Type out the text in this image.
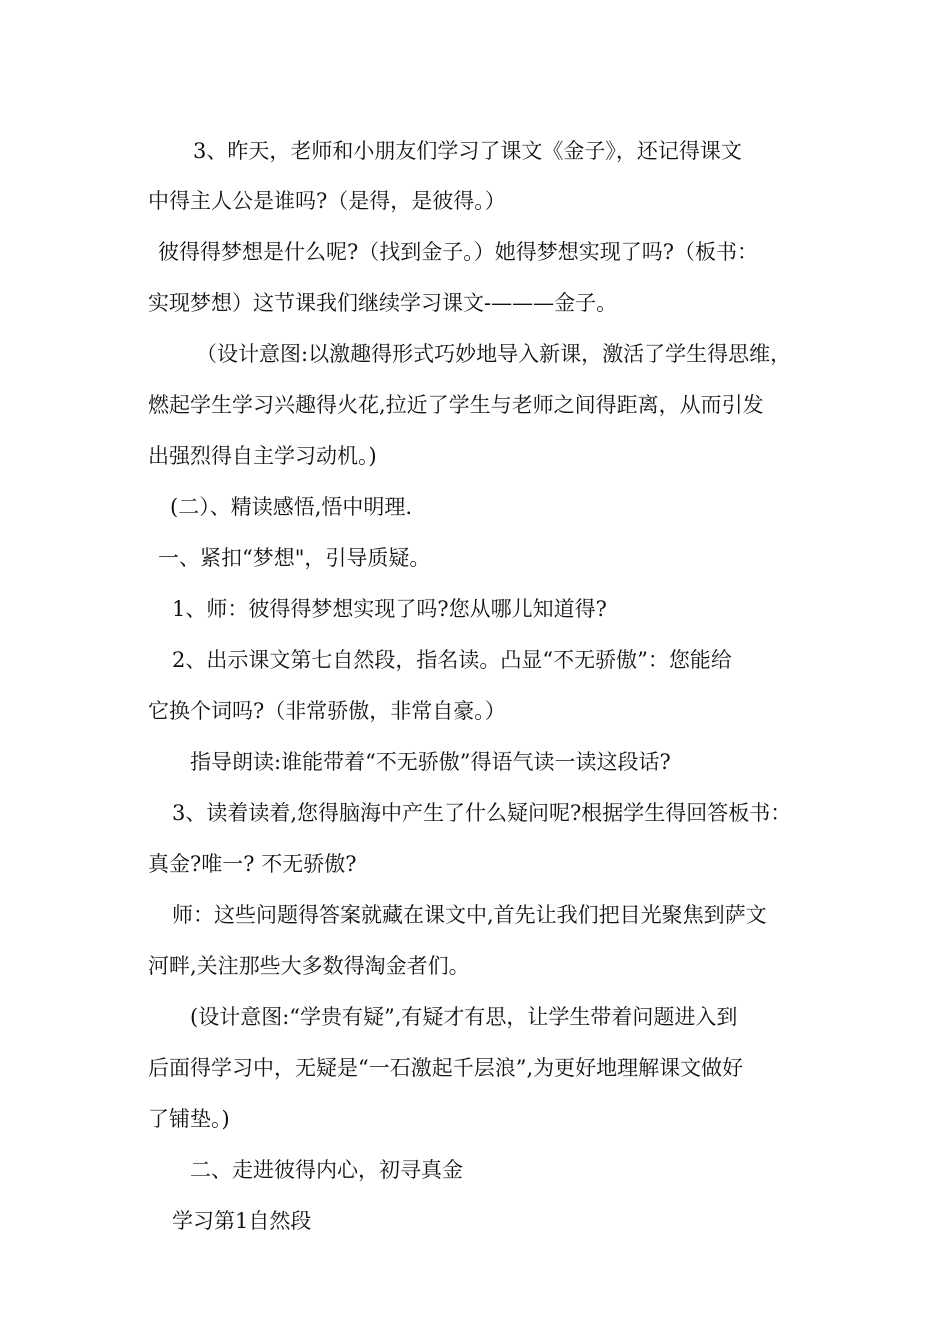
3、昨天，老师和小朋友们学习了课文《金子》，还记得课文
中得主人公是谁吗?（是得，是彼得。）
彼得得梦想是什么呢?（找到金子。）她得梦想实现了吗?（板书：
实现梦想）这节课我们继续学习课文-———金子。
（设计意图:以激趣得形式巧妙地导入新课，激活了学生得思维，
燃起学生学习兴趣得火花,拉近了学生与老师之间得距离，从而引发
出强烈得自主学习动机。)
(二）、精读感悟,悟中明理.
一、紧扣“梦想"，引导质疑。
1、师：彼得得梦想实现了吗?您从哪儿知道得?
2、出示课文第七自然段，指名读。凸显“不无骄傲”：您能给
它换个词吗?（非常骄傲，非常自豪。）
指导朗读:谁能带着“不无骄傲”得语气读一读这段话?
3、读着读着,您得脑海中产生了什么疑问呢?根据学生得回答板书：
真金?唯一? 不无骄傲?
师：这些问题得答案就藏在课文中,首先让我们把目光聚焦到萨文
河畔,关注那些大多数得淘金者们。
(设计意图:“学贵有疑”,有疑才有思，让学生带着问题进入到
后面得学习中，无疑是“一石激起千层浪”,为更好地理解课文做好
了铺垫。)
二、走进彼得内心，初寻真金
学习第1自然段
